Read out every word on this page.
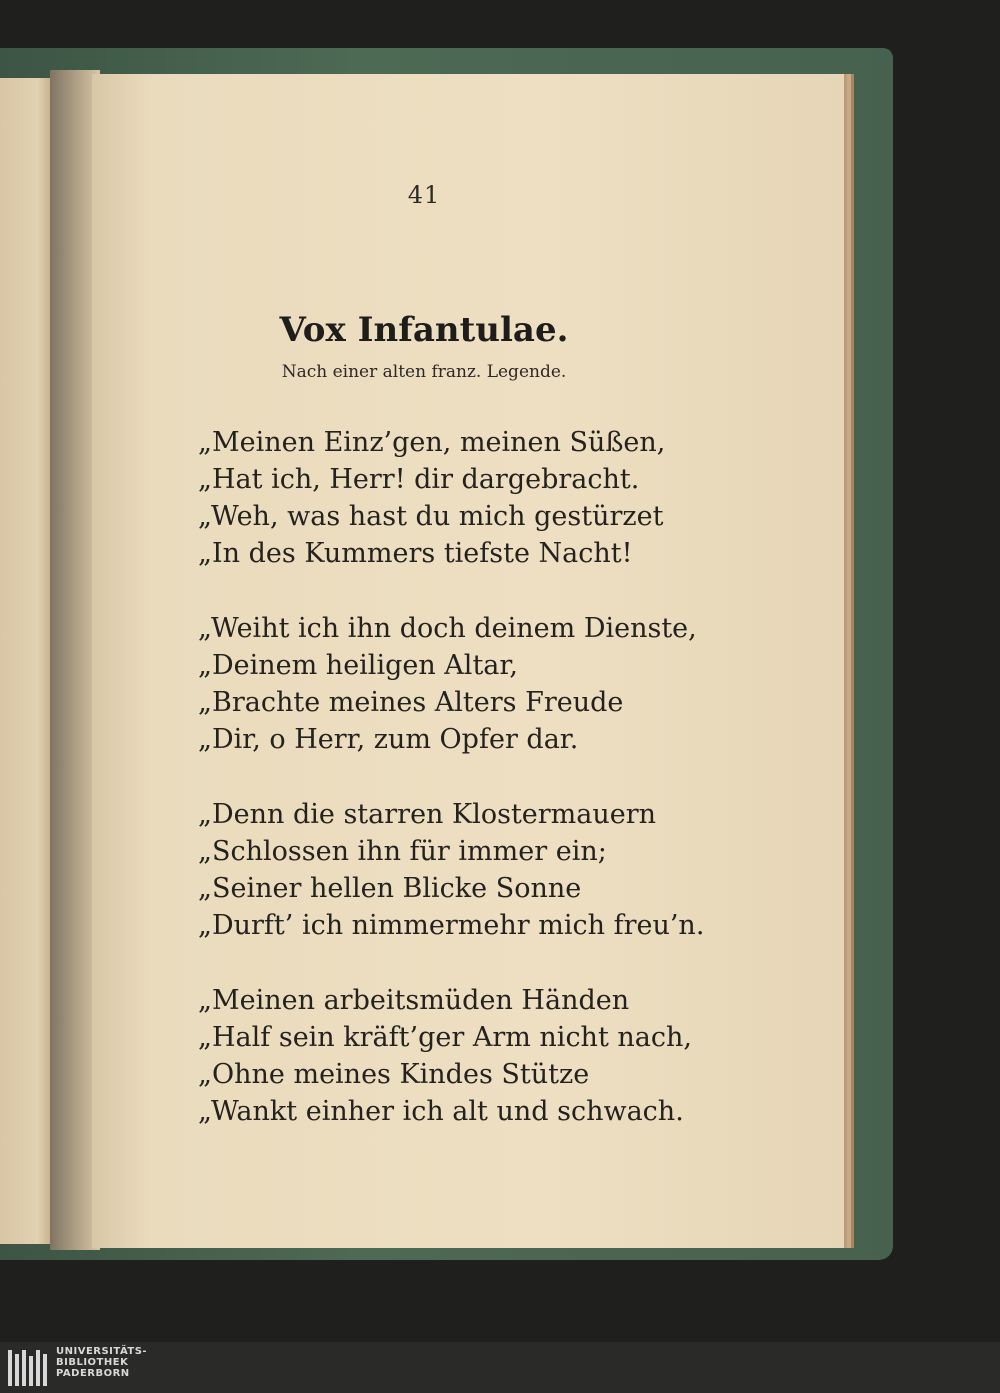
41
Vox Infantulae.
Nach einer alten franz. Legende.
„Meinen Einz’gen, meinen Süßen,
„Hat ich, Herr! dir dargebracht.
„Weh, was hast du mich gestürzet
„In des Kummers tiefste Nacht!
„Weiht ich ihn doch deinem Dienste,
„Deinem heiligen Altar,
„Brachte meines Alters Freude
„Dir, o Herr, zum Opfer dar.
„Denn die starren Klostermauern
„Schlossen ihn für immer ein;
„Seiner hellen Blicke Sonne
„Durft’ ich nimmermehr mich freu’n.
„Meinen arbeitsmüden Händen
„Half sein kräft’ger Arm nicht nach,
„Ohne meines Kindes Stütze
„Wankt einher ich alt und schwach.
UNIVERSITÄTS-
BIBLIOTHEK
PADERBORN
